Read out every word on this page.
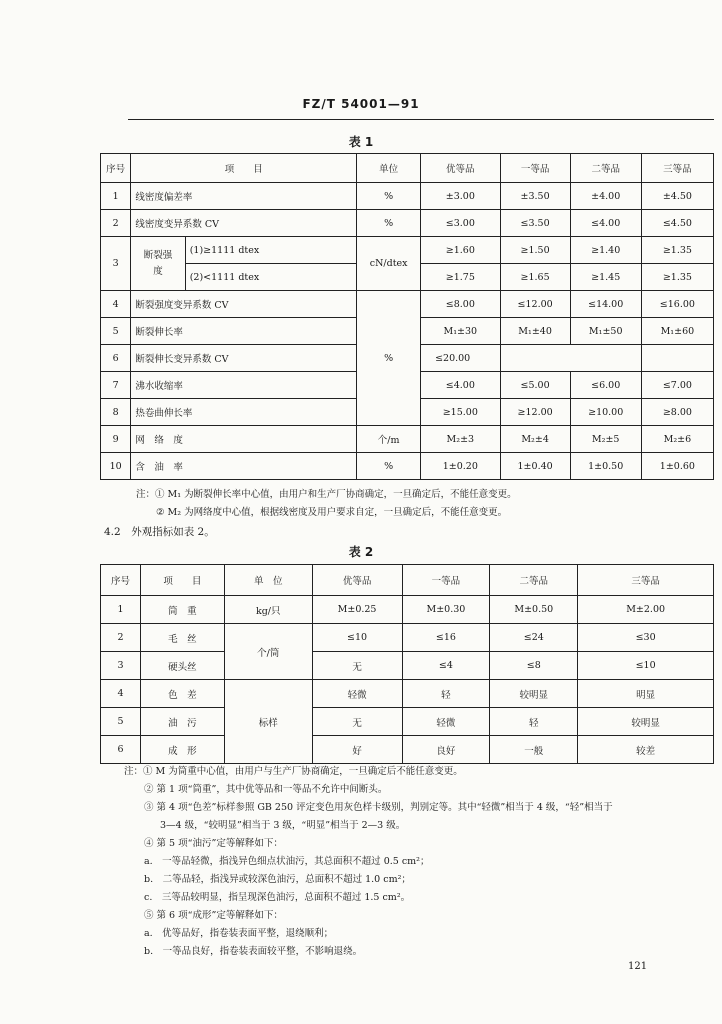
FZ/T 54001—91
表 1
序号	项　　目		单位	优等品	一等品	二等品	三等品
1	线密度偏差率		%	±3.00	±3.50	±4.00	±4.50
2	线密度变异系数 CV		%	≤3.00	≤3.50	≤4.00	≤4.50
3	断裂强度	(1)≥1111 dtex	cN/dtex	≥1.60	≥1.50	≥1.40	≥1.35
		(2)<1111 dtex		≥1.75	≥1.65	≥1.45	≥1.35
4	断裂强度变异系数 CV		%	≤8.00	≤12.00	≤14.00	≤16.00
5	断裂伸长率			M₁±30	M₁±40	M₁±50	M₁±60
6	断裂伸长变异系数 CV			≤20.00			
7	沸水收缩率			≤4.00	≤5.00	≤6.00	≤7.00
8	热卷曲伸长率			≥15.00	≥12.00	≥10.00	≥8.00
9	网　络　度		个/m	M₂±3	M₂±4	M₂±5	M₂±6
10	含　油　率		%	1±0.20	1±0.40	1±0.50	1±0.60
注：① M₁ 为断裂伸长率中心值，由用户和生产厂协商确定，一旦确定后，不能任意变更。
② M₂ 为网络度中心值，根据线密度及用户要求自定，一旦确定后，不能任意变更。
4.2　外观指标如表 2。
表 2
序号	项　　目	单　位	优等品	一等品	二等品	三等品
1	筒　重	kg/只	M±0.25	M±0.30	M±0.50	M±2.00
2	毛　丝	个/筒	≤10	≤16	≤24	≤30
3	硬头丝		无	≤4	≤8	≤10
4	色　差	标样	轻微	轻	较明显	明显
5	油　污		无	轻微	轻	较明显
6	成　形		好	良好	一般	较差
注：① M 为筒重中心值，由用户与生产厂协商确定，一旦确定后不能任意变更。
② 第 1 项“筒重”，其中优等品和一等品不允许中间断头。
③ 第 4 项“色差”标样参照 GB 250 评定变色用灰色样卡级别，判别定等。其中“轻微”相当于 4 级，“轻”相当于
3—4 级，“较明显”相当于 3 级，“明显”相当于 2—3 级。
④ 第 5 项“油污”定等解释如下：
a.　一等品轻微，指浅异色细点状油污，其总面积不超过 0.5 cm²；
b.　二等品轻，指浅异或较深色油污，总面积不超过 1.0 cm²；
c.　三等品较明显，指呈现深色油污，总面积不超过 1.5 cm²。
⑤ 第 6 项“成形”定等解释如下：
a.　优等品好，指卷装表面平整，退绕顺利；
b.　一等品良好，指卷装表面较平整，不影响退绕。
121
